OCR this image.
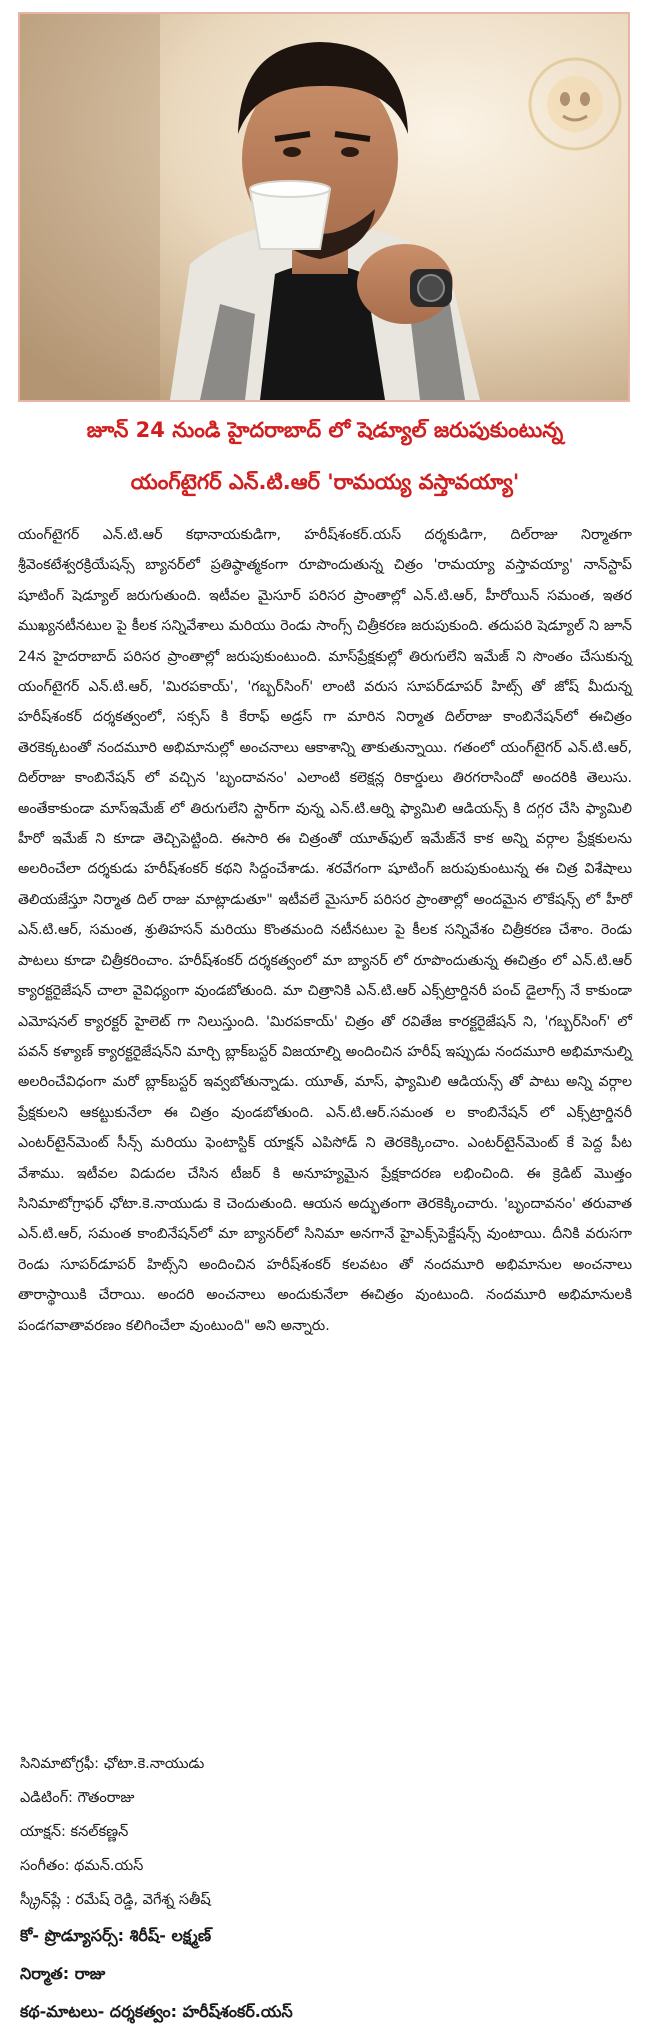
జూన్ 24 నుండి హైదరాబాద్ లో షెడ్యూల్ జరుపుకుంటున్న
యంగ్‌టైగర్ ఎన్.టి.ఆర్ 'రామయ్య వస్తావయ్యా'

యంగ్‌టైగర్ ఎన్.టి.ఆర్ కథానాయకుడిగా, హరీష్‌శంకర్.యస్ దర్శకుడిగా, దిల్‌రాజు నిర్మాతగా శ్రీవెంకటేశ్వరక్రియేషన్స్ బ్యానర్‌లో ప్రతిష్ఠాత్మకంగా రూపొందుతున్న చిత్రం 'రామయ్యా వస్తావయ్యా' నాన్‌స్టాప్ షూటింగ్ షెడ్యూల్ జరుగుతుంది. ఇటీవల మైసూర్ పరిసర ప్రాంతాల్లో ఎన్.టి.ఆర్, హీరోయిన్ సమంత, ఇతర ముఖ్యనటీనటుల పై కీలక సన్నివేశాలు మరియు రెండు సాంగ్స్ చిత్రీకరణ జరుపుకుంది. తదుపరి షెడ్యూల్ ని జూన్ 24న హైదరాబాద్ పరిసర ప్రాంతాల్లో జరుపుకుంటుంది. మాస్‌ప్రేక్షకుల్లో తిరుగులేని ఇమేజ్ ని సొంతం చేసుకున్న యంగ్‌టైగర్ ఎన్.టి.ఆర్, 'మిరపకాయ్', 'గబ్బర్‌సింగ్' లాంటి వరుస సూపర్‌డూపర్ హిట్స్ తో జోష్ మీదున్న హరీష్‌శంకర్ దర్శకత్వంలో, సక్సస్ కి కేరాఫ్ అడ్రస్ గా మారిన నిర్మాత దిల్‌రాజు కాంబినేషన్‌లో ఈచిత్రం తెరకెక్కటంతో నందమూరి అభిమానుల్లో అంచనాలు ఆకాశాన్ని తాకుతున్నాయి. గతంలో యంగ్‌టైగర్ ఎన్.టి.ఆర్, దిల్‌రాజు కాంబినేషన్ లో వచ్చిన 'బృందావనం' ఎలాంటి కలెక్షన్ల రికార్డులు తిరగరాసిందో అందరికి తెలుసు. అంతేకాకుండా మాస్‌ఇమేజ్ లో తిరుగులేని స్టార్‌గా వున్న ఎన్.టి.ఆర్ని ఫ్యామిలి ఆడియన్స్ కి దగ్గర చేసి ఫ్యామిలి హీరో ఇమేజ్ ని కూడా తెచ్చిపెట్టింది. ఈసారి ఈ చిత్రంతో యూత్‌ఫుల్ ఇమేజ్‌నే కాక అన్ని వర్గాల ప్రేక్షకులను అలరించేలా దర్శకుడు హరీష్‌శంకర్ కథని సిద్దంచేశాడు. శరవేగంగా షూటింగ్ జరుపుకుంటున్న ఈ చిత్ర విశేషాలు తెలియజేస్తూ నిర్మాత దిల్ రాజు మాట్లాడుతూ" ఇటీవలే మైసూర్ పరిసర ప్రాంతాల్లో అందమైన లొకేషన్స్ లో హీరో ఎన్.టి.ఆర్, సమంత, శ్రుతిహసన్ మరియు కొంతమంది నటీనటుల పై కీలక సన్నివేశం చిత్రీకరణ చేశాం. రెండు పాటలు కూడా చిత్రీకరించాం. హరీష్‌శంకర్ దర్శకత్వంలో మా బ్యానర్ లో రూపొందుతున్న ఈచిత్రం లో ఎన్.టి.ఆర్ క్యారక్టరైజేషన్ చాలా వైవిధ్యంగా వుండబోతుంది. మా చిత్రానికి ఎన్.టి.ఆర్ ఎక్స్‌ట్రార్డినరీ పంచ్ డైలాగ్స్ నే కాకుండా ఎమోషనల్ క్యారక్టర్ హైలెట్ గా నిలుస్తుంది. 'మిరపకాయ్' చిత్రం తో రవితేజ కారక్టరైజేషన్ ని, 'గబ్బర్‌సింగ్' లో పవన్ కళ్యాణ్ క్యారక్టరైజేషన్‌ని మార్చి బ్లాక్‌బస్టర్ విజయాల్ని అందించిన హరీష్ ఇప్పుడు నందమూరి అభిమానుల్ని అలరించేవిధంగా మరో బ్లాక్‌బస్టర్ ఇవ్వబోతున్నాడు. యూత్, మాస్, ఫ్యామిలి ఆడియన్స్ తో పాటు అన్ని వర్గాల ప్రేక్షకులని ఆకట్టుకునేలా ఈ చిత్రం వుండబోతుంది. ఎన్.టి.ఆర్.సమంత ల కాంబినేషన్ లో ఎక్స్‌ట్రార్డినరీ ఎంటర్‌టైన్‌మెంట్ సీన్స్ మరియు ఫెంటాస్టిక్ యాక్షన్ ఎపిసోడ్ ని తెరకెక్కించాం. ఎంటర్‌టైన్‌మెంట్ కే పెద్ద పీట వేశాము. ఇటీవల విడుదల చేసిన టీజర్ కి అనూహ్యమైన ప్రేక్షకాదరణ లభించింది. ఈ క్రెడిట్ మొత్తం సినిమాటోగ్రాఫర్ ఛోటా.కె.నాయుడు కె చెందుతుంది. ఆయన అద్భుతంగా తెరకెక్కించారు. 'బృందావనం' తరువాత ఎన్.టి.ఆర్, సమంత కాంబినేషన్‌లో మా బ్యానర్‌లో సినిమా అనగానే హైఎక్స్‌పెక్టేషన్స్ వుంటాయి. దీనికి వరుసగా రెండు సూపర్‌డూపర్ హిట్స్‌ని అందించిన హరీష్‌శంకర్ కలవటం తో నందమూరి అభిమానుల అంచనాలు తారాస్థాయికి చేరాయి. అందరి అంచనాలు అందుకునేలా ఈచిత్రం వుంటుంది. నందమూరి అభిమానులకి పండగవాతావరణం కలిగించేలా వుంటుంది" అని అన్నారు.

సినిమాటోగ్రఫీ: ఛోటా.కె.నాయుడు
ఎడిటింగ్: గౌతంరాజు
యాక్షన్: కనల్‌కణ్ణన్
సంగీతం: థమన్.యస్
స్క్రీన్‌ప్లే : రమేష్ రెడ్డి, వెగేశ్న సతీష్
కో- ప్రొడ్యూసర్స్: శిరీష్- లక్ష్మణ్
నిర్మాత: రాజు
కథ-మాటలు- దర్శకత్వం: హరీష్‌శంకర్.యస్
